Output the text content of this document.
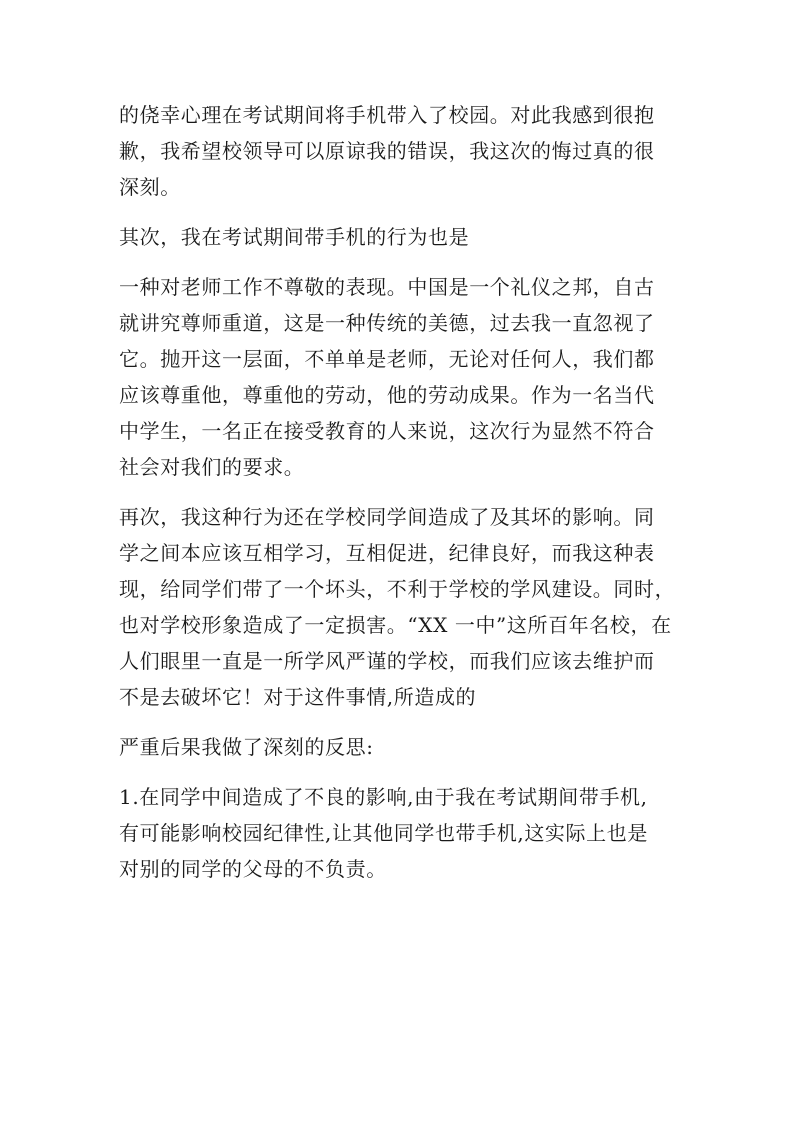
的侥幸心理在考试期间将手机带入了校园。对此我感到很抱
歉，我希望校领导可以原谅我的错误，我这次的悔过真的很
深刻。

其次，我在考试期间带手机的行为也是

一种对老师工作不尊敬的表现。中国是一个礼仪之邦，自古
就讲究尊师重道，这是一种传统的美德，过去我一直忽视了
它。抛开这一层面，不单单是老师，无论对任何人，我们都
应该尊重他，尊重他的劳动，他的劳动成果。作为一名当代
中学生，一名正在接受教育的人来说，这次行为显然不符合
社会对我们的要求。

再次，我这种行为还在学校同学间造成了及其坏的影响。同
学之间本应该互相学习，互相促进，纪律良好，而我这种表
现，给同学们带了一个坏头，不利于学校的学风建设。同时，
也对学校形象造成了一定损害。“XX 一中”这所百年名校，在
人们眼里一直是一所学风严谨的学校，而我们应该去维护而
不是去破坏它！对于这件事情,所造成的

严重后果我做了深刻的反思:

1.在同学中间造成了不良的影响,由于我在考试期间带手机,
有可能影响校园纪律性,让其他同学也带手机,这实际上也是
对别的同学的父母的不负责。
